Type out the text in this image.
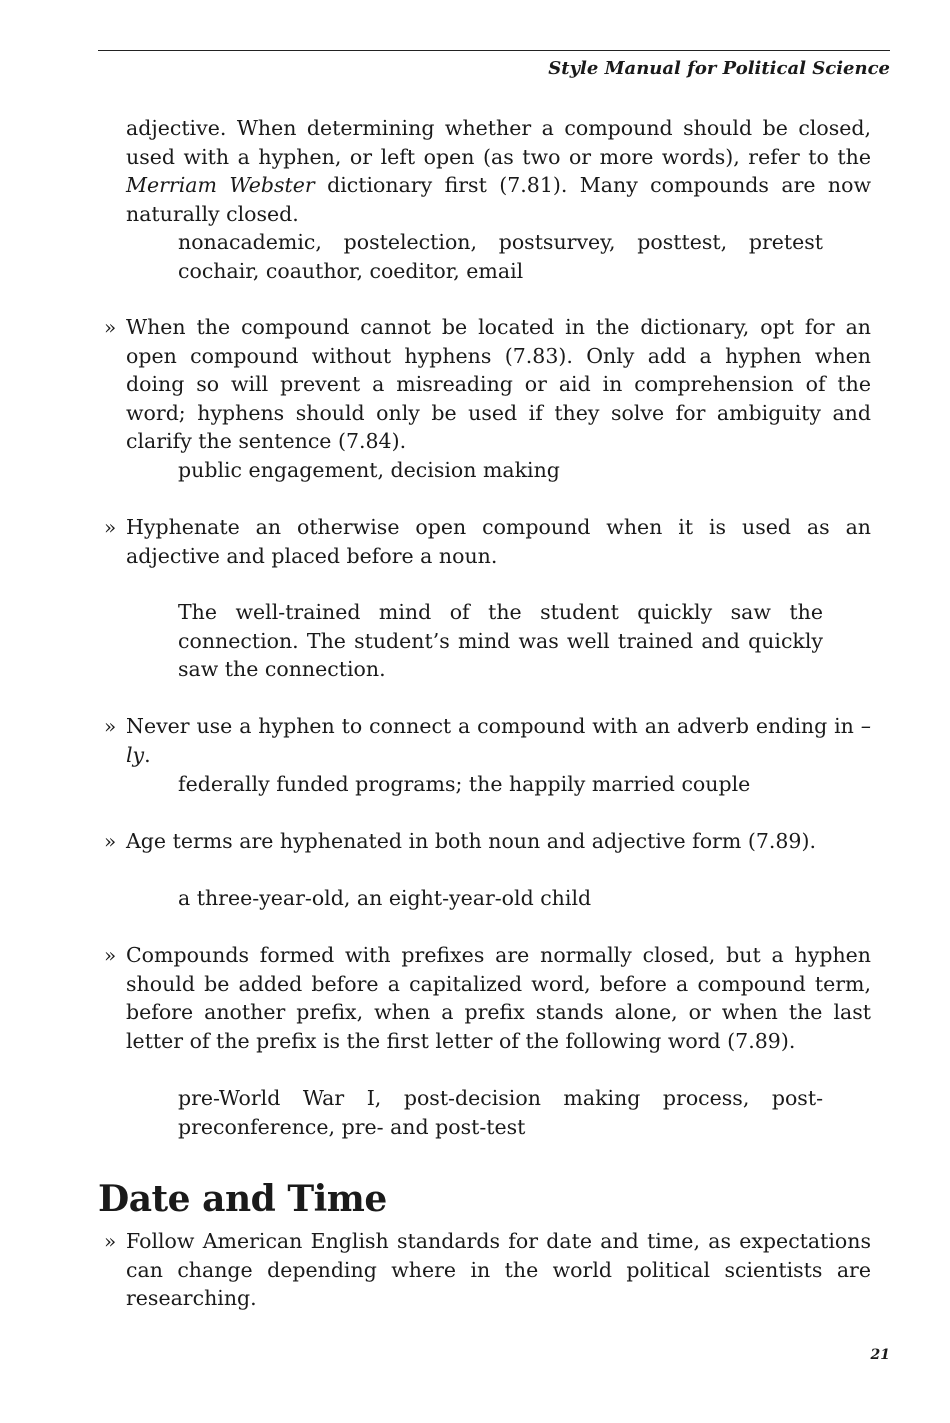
Style Manual for Political Science

adjective. When determining whether a compound should be closed, used with a hyphen, or left open (as two or more words), refer to the Merriam Webster dictionary first (7.81). Many compounds are now naturally closed.

nonacademic, postelection, postsurvey, posttest, pretest cochair, coauthor, coeditor, email

» When the compound cannot be located in the dictionary, opt for an open compound without hyphens (7.83). Only add a hyphen when doing so will prevent a misreading or aid in comprehension of the word; hyphens should only be used if they solve for ambiguity and clarify the sentence (7.84).

public engagement, decision making

» Hyphenate an otherwise open compound when it is used as an adjective and placed before a noun.

The well-trained mind of the student quickly saw the connection. The student’s mind was well trained and quickly saw the connection.

» Never use a hyphen to connect a compound with an adverb ending in –ly.

federally funded programs; the happily married couple

» Age terms are hyphenated in both noun and adjective form (7.89).

a three-year-old, an eight-year-old child

» Compounds formed with prefixes are normally closed, but a hyphen should be added before a capitalized word, before a compound term, before another prefix, when a prefix stands alone, or when the last letter of the prefix is the first letter of the following word (7.89).

pre-World War I, post-decision making process, post-preconference, pre- and post-test

Date and Time

» Follow American English standards for date and time, as expectations can change depending where in the world political scientists are researching.

21
